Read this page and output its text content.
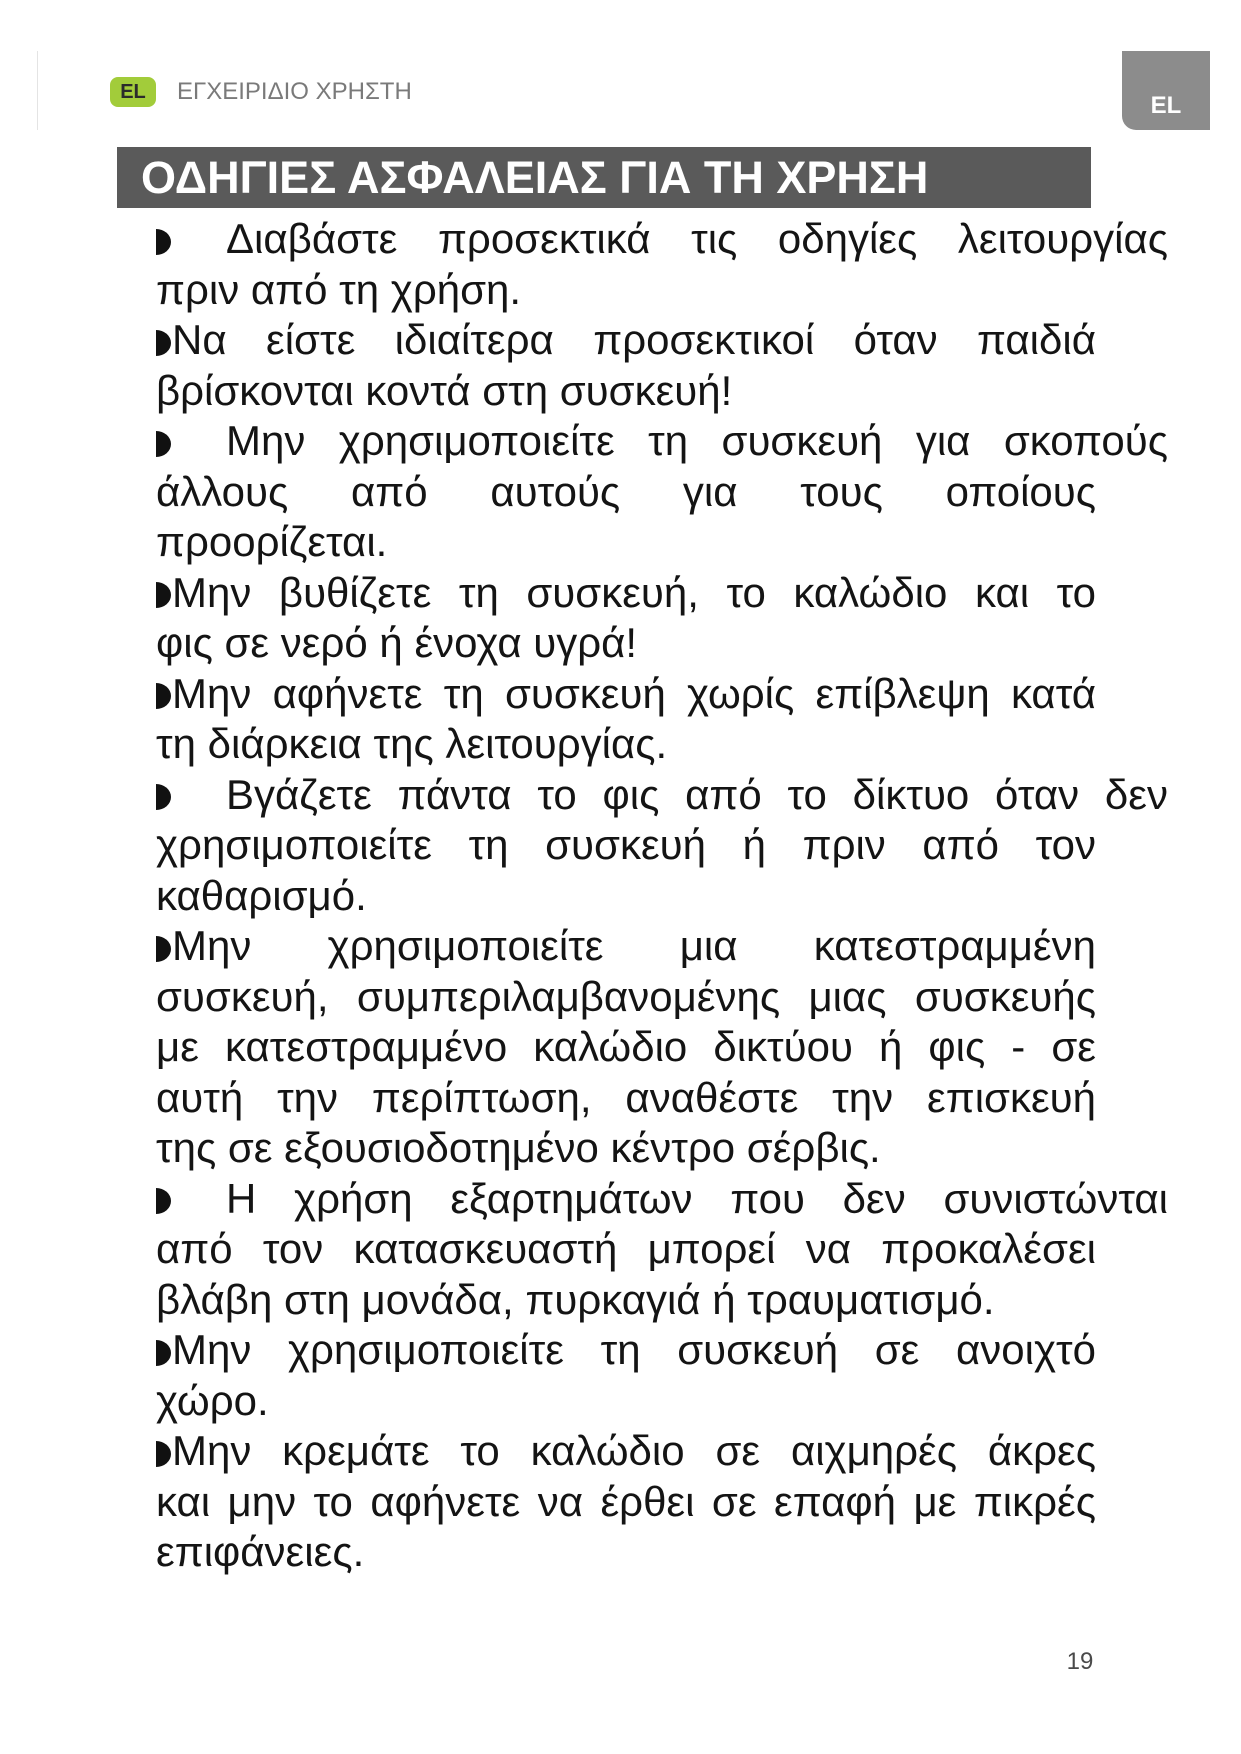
EL	ΕΓΧΕΙΡΙΔΙΟ ΧΡΗΣΤΗ
EL
ΟΔΗΓΙΕΣ ΑΣΦΑΛΕΙΑΣ ΓΙΑ ΤΗ ΧΡΗΣΗ
Διαβάστε προσεκτικά τις οδηγίες λειτουργίας
πριν από τη χρήση.
Να είστε ιδιαίτερα προσεκτικοί όταν παιδιά
βρίσκονται κοντά στη συσκευή!
Μην χρησιμοποιείτε τη συσκευή για σκοπούς
άλλους από αυτούς για τους οποίους
προορίζεται.
Μην βυθίζετε τη συσκευή, το καλώδιο και το
φις σε νερό ή ένοχα υγρά!
Μην αφήνετε τη συσκευή χωρίς επίβλεψη κατά
τη διάρκεια της λειτουργίας.
Βγάζετε πάντα το φις από το δίκτυο όταν δεν
χρησιμοποιείτε τη συσκευή ή πριν από τον
καθαρισμό.
Μην χρησιμοποιείτε μια κατεστραμμένη
συσκευή, συμπεριλαμβανομένης μιας συσκευής
με κατεστραμμένο καλώδιο δικτύου ή φις - σε
αυτή την περίπτωση, αναθέστε την επισκευή
της σε εξουσιοδοτημένο κέντρο σέρβις.
Η χρήση εξαρτημάτων που δεν συνιστώνται
από τον κατασκευαστή μπορεί να προκαλέσει
βλάβη στη μονάδα, πυρκαγιά ή τραυματισμό.
Μην χρησιμοποιείτε τη συσκευή σε ανοιχτό
χώρο.
Μην κρεμάτε το καλώδιο σε αιχμηρές άκρες
και μην το αφήνετε να έρθει σε επαφή με πικρές
επιφάνειες.
19
